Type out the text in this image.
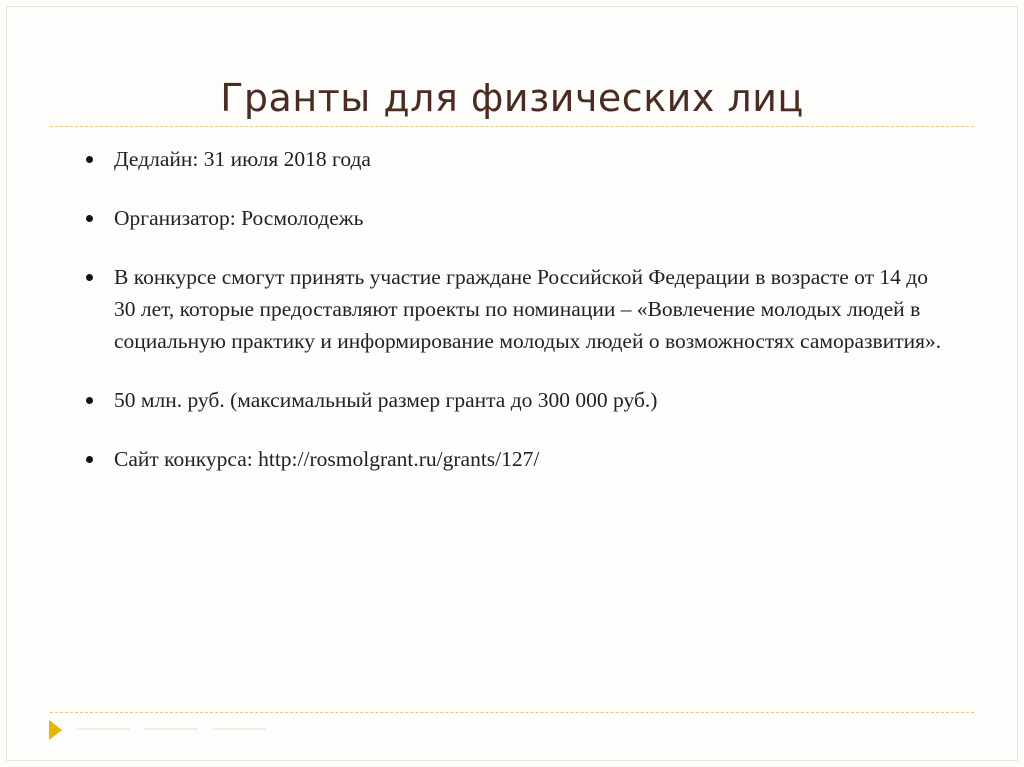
Гранты для физических лиц
Дедлайн: 31 июля 2018 года
Организатор: Росмолодежь
В конкурсе смогут принять участие граждане Российской Федерации в возрасте от 14 до 30 лет, которые предоставляют проекты по номинации – «Вовлечение молодых людей в социальную практику и информирование молодых людей о возможностях саморазвития».
50 млн. руб. (максимальный размер гранта до 300 000 руб.)
Сайт конкурса: http://rosmolgrant.ru/grants/127/
